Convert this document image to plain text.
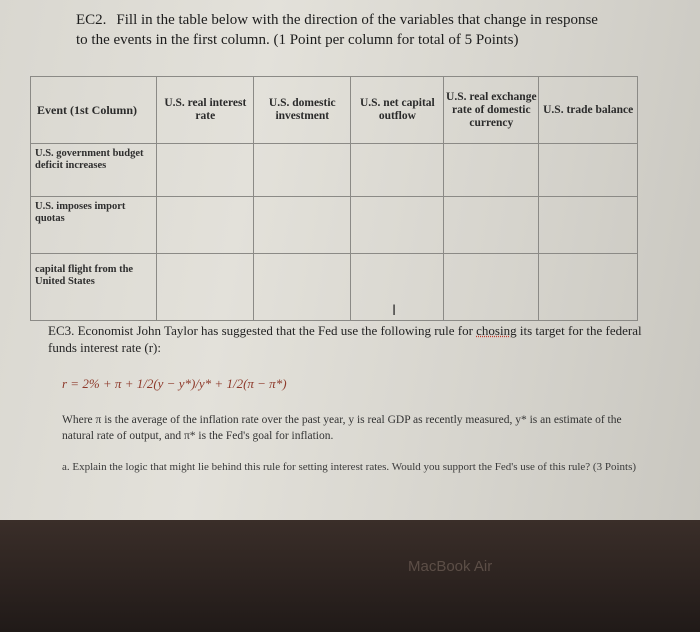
EC2. Fill in the table below with the direction of the variables that change in response
to the events in the first column. (1 Point per column for total of 5 Points)
Event (1st Column)	U.S. real interest rate	U.S. domestic investment	U.S. net capital outflow	U.S. real exchange rate of domestic currency	U.S. trade balance
U.S. government budget deficit increases					
U.S. imposes import quotas					
capital flight from the United States					
I
EC3. Economist John Taylor has suggested that the Fed use the following rule for chosing its target for the federal funds interest rate (r):
r = 2% + π + 1/2(y − y*)/y* + 1/2(π − π*)
Where π is the average of the inflation rate over the past year, y is real GDP as recently measured, y* is an estimate of the natural rate of output, and π* is the Fed's goal for inflation.
a. Explain the logic that might lie behind this rule for setting interest rates. Would you support the Fed's use of this rule? (3 Points)
MacBook Air
